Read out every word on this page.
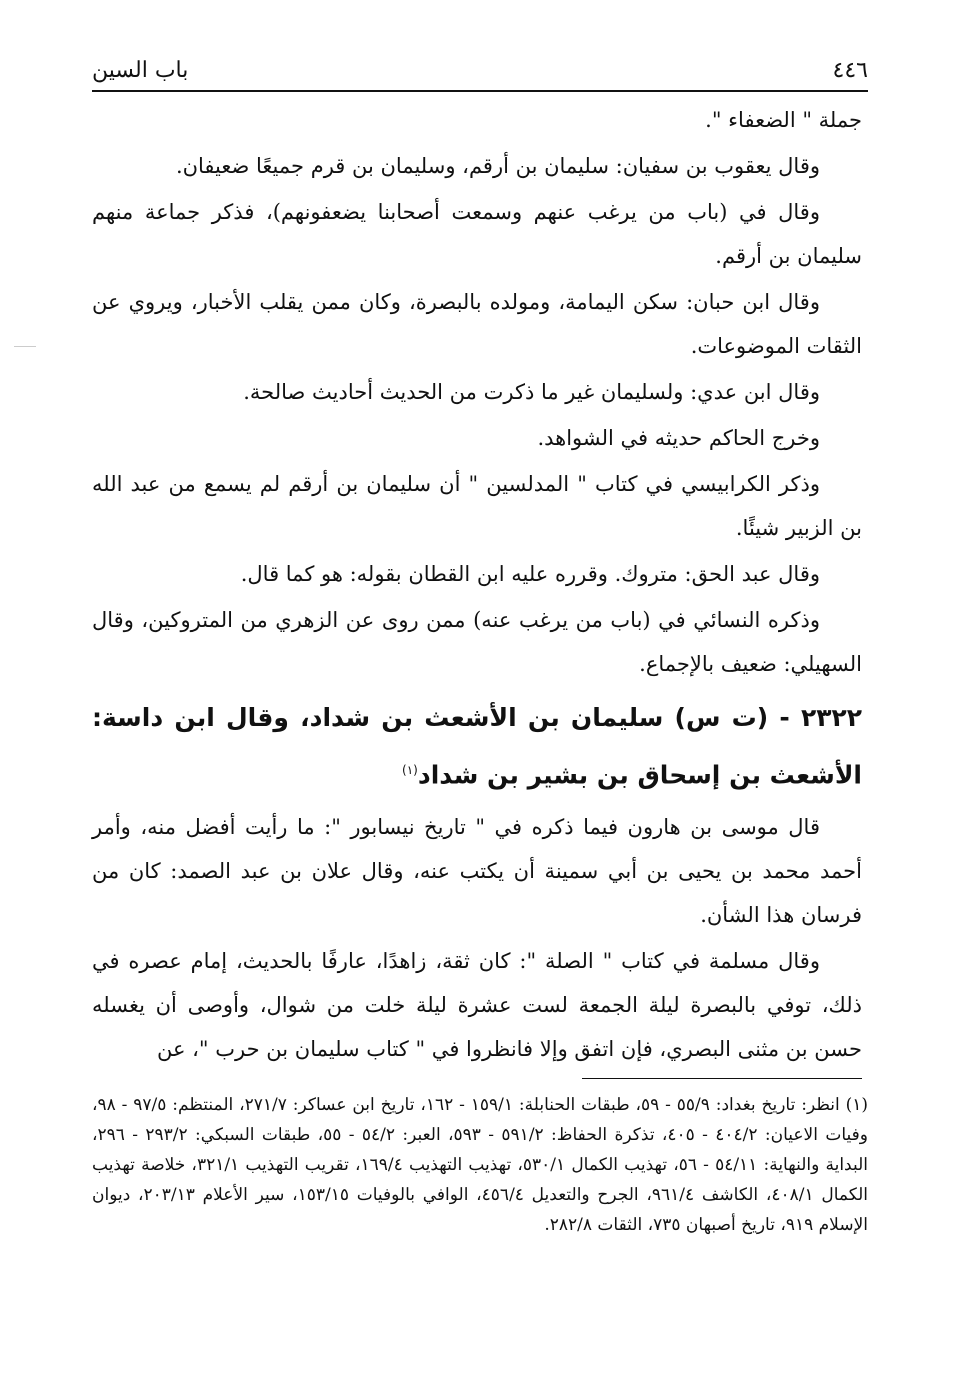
٤٤٦
باب السين

جملة " الضعفاء ".

وقال يعقوب بن سفيان: سليمان بن أرقم، وسليمان بن قرم جميعًا ضعيفان.

وقال في (باب من يرغب عنهم وسمعت أصحابنا يضعفونهم)، فذكر جماعة منهم سليمان بن أرقم.

وقال ابن حبان: سكن اليمامة، ومولده بالبصرة، وكان ممن يقلب الأخبار، ويروي عن الثقات الموضوعات.

وقال ابن عدي: ولسليمان غير ما ذكرت من الحديث أحاديث صالحة.

وخرج الحاكم حديثه في الشواهد.

وذكر الكرابيسي في كتاب " المدلسين " أن سليمان بن أرقم لم يسمع من عبد الله بن الزبير شيئًا.

وقال عبد الحق: متروك. وقرره عليه ابن القطان بقوله: هو كما قال.

وذكره النسائي في (باب من يرغب عنه) ممن روى عن الزهري من المتروكين، وقال السهيلي: ضعيف بالإجماع.

٢٣٢٢ - (ت س) سليمان بن الأشعث بن شداد، وقال ابن داسة: الأشعث بن إسحاق بن بشير بن شداد$^{(١)}$

قال موسى بن هارون فيما ذكره في " تاريخ نيسابور ": ما رأيت أفضل منه، وأمر أحمد محمد بن يحيى بن أبي سمينة أن يكتب عنه، وقال علان بن عبد الصمد: كان من فرسان هذا الشأن.

وقال مسلمة في كتاب " الصلة ": كان ثقة، زاهدًا، عارفًا بالحديث، إمام عصره في ذلك، توفي بالبصرة ليلة الجمعة لست عشرة ليلة خلت من شوال، وأوصى أن يغسله حسن بن مثنى البصري، فإن اتفق وإلا فانظروا في " كتاب سليمان بن حرب "، عن

(١) انظر: تاريخ بغداد: ٥٥/٩ - ٥٩، طبقات الحنابلة: ١٥٩/١ - ١٦٢، تاريخ ابن عساكر: ٢٧١/٧، المنتظم: ٩٧/٥ - ٩٨، وفيات الاعيان: ٤٠٤/٢ - ٤٠٥، تذكرة الحفاظ: ٥٩١/٢ - ٥٩٣، العبر: ٥٤/٢ - ٥٥، طبقات السبكي: ٢٩٣/٢ - ٢٩٦، البداية والنهاية: ٥٤/١١ - ٥٦، تهذيب الكمال ٥٣٠/١، تهذيب التهذيب ١٦٩/٤، تقريب التهذيب ٣٢١/١، خلاصة تهذيب الكمال ٤٠٨/١، الكاشف ٩٦١/٤، الجرح والتعديل ٤٥٦/٤، الوافي بالوفيات ١٥٣/١٥، سير الأعلام ٢٠٣/١٣، ديوان الإسلام ٩١٩، تاريخ أصبهان ٧٣٥، الثقات ٢٨٢/٨.
